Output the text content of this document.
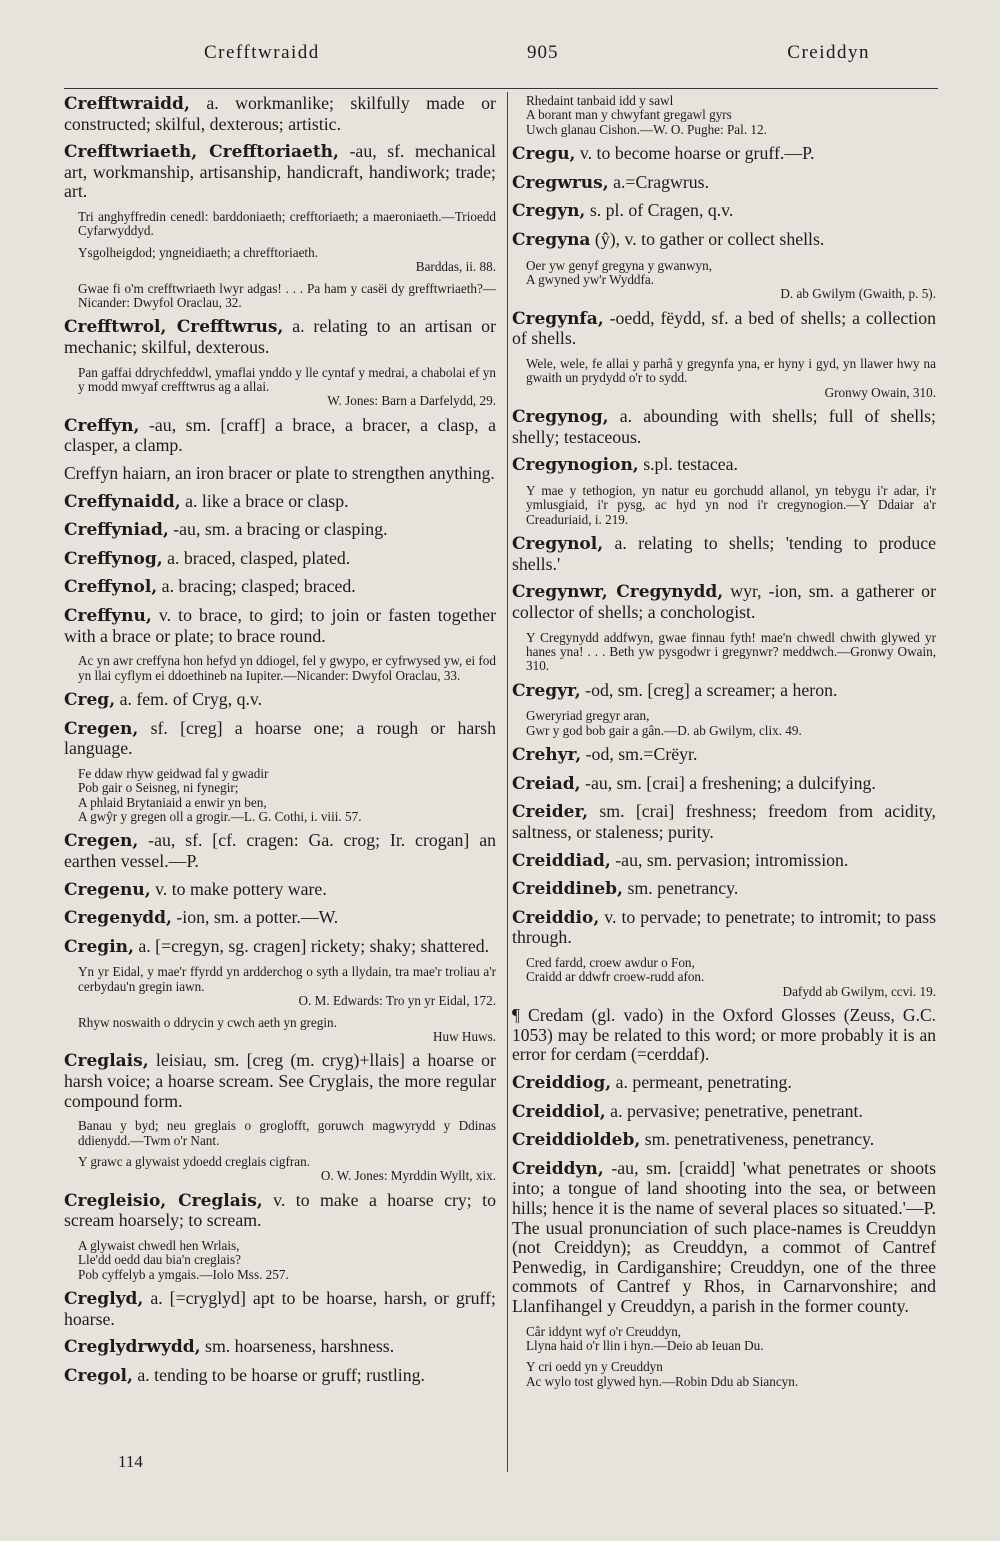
Crefftwraidd	905	Creiddyn
Crefftwraidd, a. workmanlike; skilfully made or constructed; skilful, dexterous; artistic.
Crefftwriaeth, Crefftoriaeth, -au, sf. mechanical art, workmanship, artisanship, handicraft, handiwork; trade; art.
Tri anghyffredin cenedl: barddoniaeth; crefftoriaeth; a maeroniaeth.—Trioedd Cyfarwyddyd.
Ysgolheigdod; yngneidiaeth; a chrefftoriaeth.
Barddas, ii. 88.
Gwae fi o'm crefftwriaeth lwyr adgas! . . . Pa ham y casëi dy grefftwriaeth?—Nicander: Dwyfol Oraclau, 32.
Crefftwrol, Crefftwrus, a. relating to an artisan or mechanic; skilful, dexterous.
Pan gaffai ddrychfeddwl, ymaflai ynddo y lle cyntaf y medrai, a chabolai ef yn y modd mwyaf crefftwrus ag a allai.
W. Jones: Barn a Darfelydd, 29.
Creffyn, -au, sm. [craff] a brace, a bracer, a clasp, a clasper, a clamp.
Creffyn haiarn, an iron bracer or plate to strengthen anything.
Creffynaidd, a. like a brace or clasp.
Creffyniad, -au, sm. a bracing or clasping.
Creffynog, a. braced, clasped, plated.
Creffynol, a. bracing; clasped; braced.
Creffynu, v. to brace, to gird; to join or fasten together with a brace or plate; to brace round.
Ac yn awr creffyna hon hefyd yn ddiogel, fel y gwypo, er cyfrwysed yw, ei fod yn llai cyflym ei ddoethineb na Iupiter.—Nicander: Dwyfol Oraclau, 33.
Creg, a. fem. of Cryg, q.v.
Cregen, sf. [creg] a hoarse one; a rough or harsh language.
Fe ddaw rhyw geidwad fal y gwadir
Pob gair o Seisneg, ni fynegir;
A phlaid Brytaniaid a enwir yn ben,
A gwŷr y gregen oll a grogir.—L. G. Cothi, i. viii. 57.
Cregen, -au, sf. [cf. cragen: Ga. crog; Ir. crogan] an earthen vessel.—P.
Cregenu, v. to make pottery ware.
Cregenydd, -ion, sm. a potter.—W.
Cregin, a. [=cregyn, sg. cragen] rickety; shaky; shattered.
Yn yr Eidal, y mae'r ffyrdd yn ardderchog o syth a llydain, tra mae'r troliau a'r cerbydau'n gregin iawn.
O. M. Edwards: Tro yn yr Eidal, 172.
Rhyw noswaith o ddrycin y cwch aeth yn gregin.
Huw Huws.
Creglais, leisiau, sm. [creg (m. cryg)+llais] a hoarse or harsh voice; a hoarse scream. See Cryglais, the more regular compound form.
Banau y byd; neu greglais o groglofft, goruwch magwyrydd y Ddinas ddienydd.—Twm o'r Nant.
Y grawc a glywaist ydoedd creglais cigfran.
O. W. Jones: Myrddin Wyllt, xix.
Cregleisio, Creglais, v. to make a hoarse cry; to scream hoarsely; to scream.
A glywaist chwedl hen Wrlais,
Lle'dd oedd dau bia'n creglais?
Pob cyffelyb a ymgais.—Iolo Mss. 257.
Creglyd, a. [=cryglyd] apt to be hoarse, harsh, or gruff; hoarse.
Creglydrwydd, sm. hoarseness, harshness.
Cregol, a. tending to be hoarse or gruff; rustling.
Rhedaint tanbaid idd y sawl
A borant man y chwyfant gregawl gyrs
Uwch glanau Cishon.—W. O. Pughe: Pal. 12.
Cregu, v. to become hoarse or gruff.—P.
Cregwrus, a.=Cragwrus.
Cregyn, s. pl. of Cragen, q.v.
Cregyna (ŷ), v. to gather or collect shells.
Oer yw genyf gregyna y gwanwyn,
A gwyned yw'r Wyddfa.
D. ab Gwilym (Gwaith, p. 5).
Cregynfa, -oedd, fëydd, sf. a bed of shells; a collection of shells.
Wele, wele, fe allai y parhâ y gregynfa yna, er hyny i gyd, yn llawer hwy na gwaith un prydydd o'r to sydd.
Gronwy Owain, 310.
Cregynog, a. abounding with shells; full of shells; shelly; testaceous.
Cregynogion, s.pl. testacea.
Y mae y tethogion, yn natur eu gorchudd allanol, yn tebygu i'r adar, i'r ymlusgiaid, i'r pysg, ac hyd yn nod i'r cregynogion.—Y Ddaiar a'r Creaduriaid, i. 219.
Cregynol, a. relating to shells; 'tending to produce shells.'
Cregynwr, Cregynydd, wyr, -ion, sm. a gatherer or collector of shells; a conchologist.
Y Cregynydd addfwyn, gwae finnau fyth! mae'n chwedl chwith glywed yr hanes yna! . . . Beth yw pysgodwr i gregynwr? meddwch.—Gronwy Owain, 310.
Cregyr, -od, sm. [creg] a screamer; a heron.
Gweryriad gregyr aran,
Gwr y god bob gair a gân.—D. ab Gwilym, clix. 49.
Crehyr, -od, sm.=Crëyr.
Creiad, -au, sm. [crai] a freshening; a dulcifying.
Creider, sm. [crai] freshness; freedom from acidity, saltness, or staleness; purity.
Creiddiad, -au, sm. pervasion; intromission.
Creiddineb, sm. penetrancy.
Creiddio, v. to pervade; to penetrate; to intromit; to pass through.
Cred fardd, croew awdur o Fon,
Craidd ar ddwfr croew-rudd afon.
Dafydd ab Gwilym, ccvi. 19.
¶ Credam (gl. vado) in the Oxford Glosses (Zeuss, G.C. 1053) may be related to this word; or more probably it is an error for cerdam (=cerddaf).
Creiddiog, a. permeant, penetrating.
Creiddiol, a. pervasive; penetrative, penetrant.
Creiddioldeb, sm. penetrativeness, penetrancy.
Creiddyn, -au, sm. [craidd] 'what penetrates or shoots into; a tongue of land shooting into the sea, or between hills; hence it is the name of several places so situated.'—P. The usual pronunciation of such place-names is Creuddyn (not Creiddyn); as Creuddyn, a commot of Cantref Penwedig, in Cardiganshire; Creuddyn, one of the three commots of Cantref y Rhos, in Carnarvonshire; and Llanfihangel y Creuddyn, a parish in the former county.
Câr iddynt wyf o'r Creuddyn,
Llyna haid o'r llin i hyn.—Deio ab Ieuan Du.
Y cri oedd yn y Creuddyn
Ac wylo tost glywed hyn.—Robin Ddu ab Siancyn.
114
